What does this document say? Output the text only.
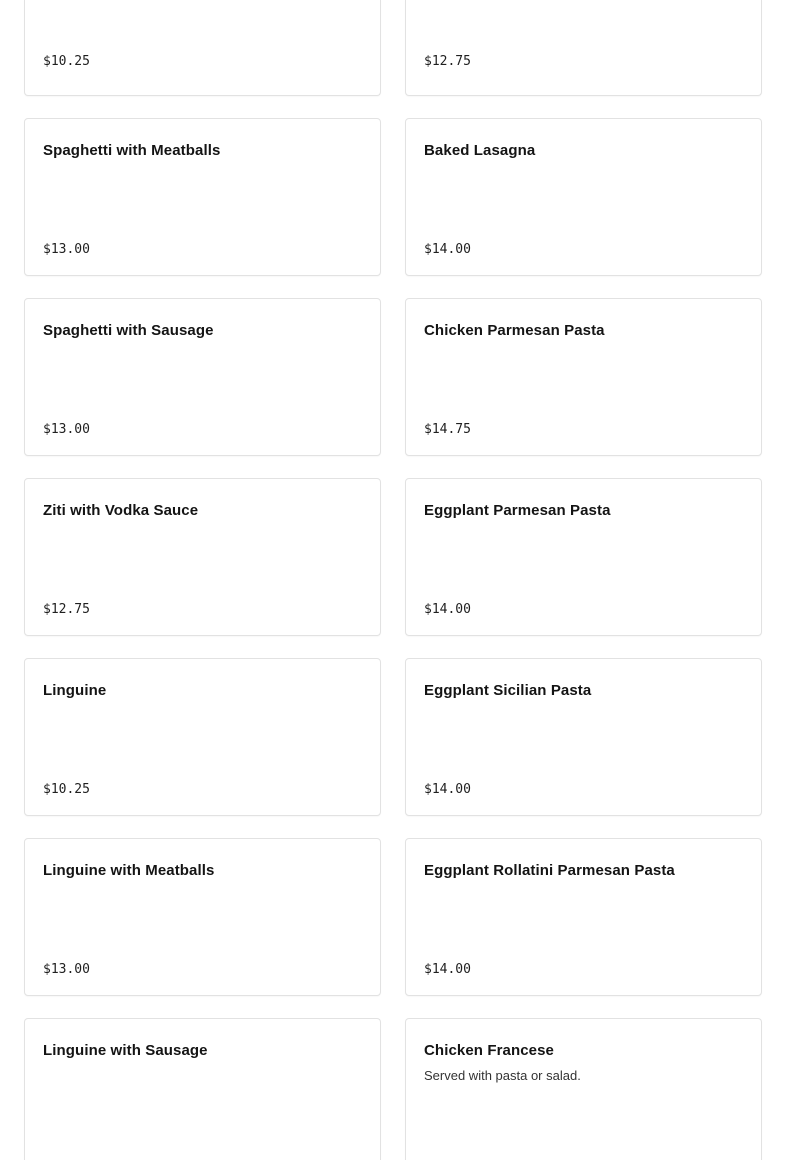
$10.25	$12.75
Spaghetti with Meatballs
$13.00
Baked Lasagna
$14.00
Spaghetti with Sausage
$13.00
Chicken Parmesan Pasta
$14.75
Ziti with Vodka Sauce
$12.75
Eggplant Parmesan Pasta
$14.00
Linguine
$10.25
Eggplant Sicilian Pasta
$14.00
Linguine with Meatballs
$13.00
Eggplant Rollatini Parmesan Pasta
$14.00
Linguine with Sausage	Chicken Francese
Served with pasta or salad.
